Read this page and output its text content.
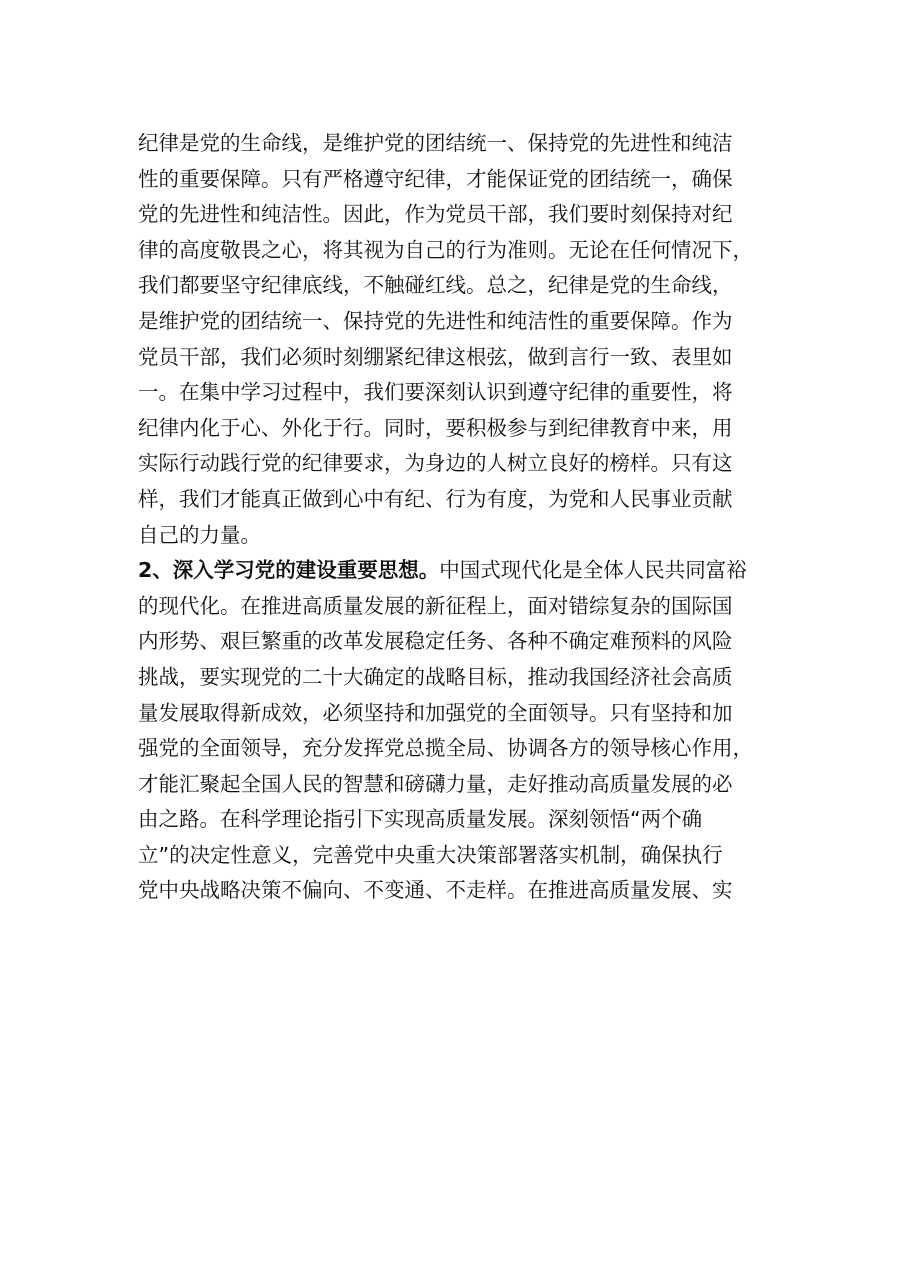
纪律是党的生命线，是维护党的团结统一、保持党的先进性和纯洁
性的重要保障。只有严格遵守纪律，才能保证党的团结统一，确保
党的先进性和纯洁性。因此，作为党员干部，我们要时刻保持对纪
律的高度敬畏之心，将其视为自己的行为准则。无论在任何情况下，
我们都要坚守纪律底线，不触碰红线。总之，纪律是党的生命线，
是维护党的团结统一、保持党的先进性和纯洁性的重要保障。作为
党员干部，我们必须时刻绷紧纪律这根弦，做到言行一致、表里如
一。在集中学习过程中，我们要深刻认识到遵守纪律的重要性，将
纪律内化于心、外化于行。同时，要积极参与到纪律教育中来，用
实际行动践行党的纪律要求，为身边的人树立良好的榜样。只有这
样，我们才能真正做到心中有纪、行为有度，为党和人民事业贡献
自己的力量。
2、深入学习党的建设重要思想。中国式现代化是全体人民共同富裕
的现代化。在推进高质量发展的新征程上，面对错综复杂的国际国
内形势、艰巨繁重的改革发展稳定任务、各种不确定难预料的风险
挑战，要实现党的二十大确定的战略目标，推动我国经济社会高质
量发展取得新成效，必须坚持和加强党的全面领导。只有坚持和加
强党的全面领导，充分发挥党总揽全局、协调各方的领导核心作用，
才能汇聚起全国人民的智慧和磅礴力量，走好推动高质量发展的必
由之路。在科学理论指引下实现高质量发展。深刻领悟“两个确
立”的决定性意义，完善党中央重大决策部署落实机制，确保执行
党中央战略决策不偏向、不变通、不走样。在推进高质量发展、实
